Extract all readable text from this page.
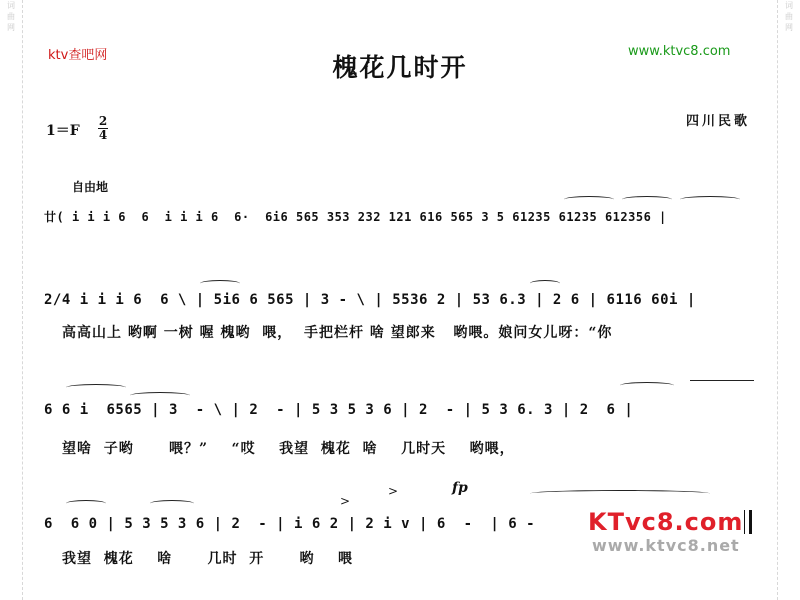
词曲网
词曲网
ktv查吧网	www.ktvc8.com
槐花几时开
1＝F
2
4
四川民歌
自由地
廿( i i i 6  6  i i i 6  6·  6i6 565 353 232 121 616 565 3 5 61235 61235 612356 |
2/4 i i i 6  6 \ | 5i6 6 565 | 3 - \ | 5536 2 | 53 6.3 | 2 6 | 6116 60i |
高高山上 哟啊 一树 喔 槐哟  喂，  手把栏杆 啥 望郎来   哟喂。娘问女儿呀：“你
6 6 i  6565 | 3  - \ | 2  - | 5 3 5 3 6 | 2  - | 5 3 6. 3 | 2  6 |
望啥  子哟      喂？”    “哎    我望  槐花  啥    几时天    哟喂，
fp
>
>
6  6 0 | 5 3 5 3 6 | 2  - | i 6 2 | 2 i v | 6  -  | 6 -
我望  槐花    啥      几时  开      哟    喂
KTvc8.com
www.ktvc8.net
